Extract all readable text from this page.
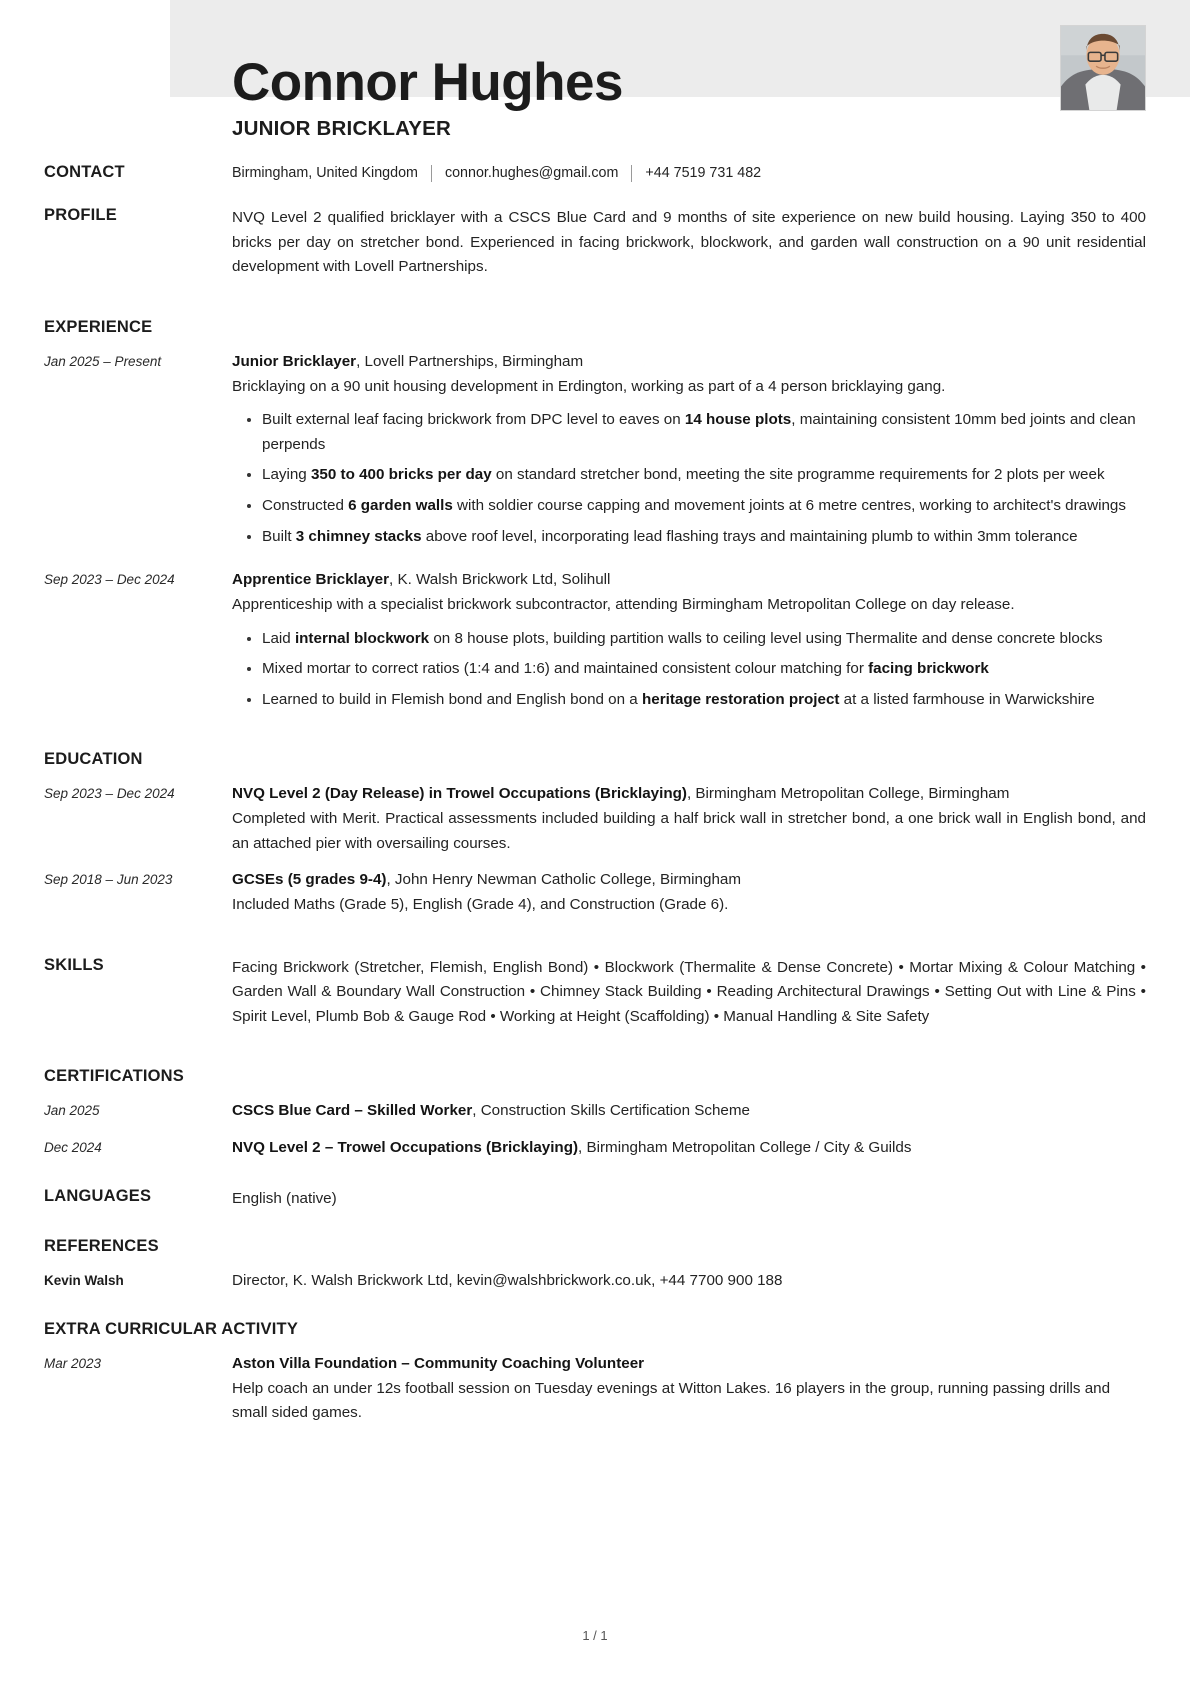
Connor Hughes
JUNIOR BRICKLAYER
CONTACT	Birmingham, United Kingdom connor.hughes@gmail.com +44 7519 731 482
PROFILE	NVQ Level 2 qualified bricklayer with a CSCS Blue Card and 9 months of site experience on new build housing. Laying 350 to 400 bricks per day on stretcher bond. Experienced in facing brickwork, blockwork, and garden wall construction on a 90 unit residential development with Lovell Partnerships.
EXPERIENCE
Jan 2025 – Present	Junior Bricklayer, Lovell Partnerships, Birmingham
Bricklaying on a 90 unit housing development in Erdington, working as part of a 4 person bricklaying gang.
Built external leaf facing brickwork from DPC level to eaves on 14 house plots, maintaining consistent 10mm bed joints and clean perpends
Laying 350 to 400 bricks per day on standard stretcher bond, meeting the site programme requirements for 2 plots per week
Constructed 6 garden walls with soldier course capping and movement joints at 6 metre centres, working to architect's drawings
Built 3 chimney stacks above roof level, incorporating lead flashing trays and maintaining plumb to within 3mm tolerance
Sep 2023 – Dec 2024	Apprentice Bricklayer, K. Walsh Brickwork Ltd, Solihull
Apprenticeship with a specialist brickwork subcontractor, attending Birmingham Metropolitan College on day release.
Laid internal blockwork on 8 house plots, building partition walls to ceiling level using Thermalite and dense concrete blocks
Mixed mortar to correct ratios (1:4 and 1:6) and maintained consistent colour matching for facing brickwork
Learned to build in Flemish bond and English bond on a heritage restoration project at a listed farmhouse in Warwickshire
EDUCATION
Sep 2023 – Dec 2024	NVQ Level 2 (Day Release) in Trowel Occupations (Bricklaying), Birmingham Metropolitan College, Birmingham
Completed with Merit. Practical assessments included building a half brick wall in stretcher bond, a one brick wall in English bond, and an attached pier with oversailing courses.
Sep 2018 – Jun 2023	GCSEs (5 grades 9-4), John Henry Newman Catholic College, Birmingham
Included Maths (Grade 5), English (Grade 4), and Construction (Grade 6).
SKILLS	Facing Brickwork (Stretcher, Flemish, English Bond) • Blockwork (Thermalite & Dense Concrete) • Mortar Mixing & Colour Matching • Garden Wall & Boundary Wall Construction • Chimney Stack Building • Reading Architectural Drawings • Setting Out with Line & Pins • Spirit Level, Plumb Bob & Gauge Rod • Working at Height (Scaffolding) • Manual Handling & Site Safety
CERTIFICATIONS
Jan 2025	CSCS Blue Card – Skilled Worker, Construction Skills Certification Scheme
Dec 2024	NVQ Level 2 – Trowel Occupations (Bricklaying), Birmingham Metropolitan College / City & Guilds
LANGUAGES	English (native)
REFERENCES
Kevin Walsh	Director, K. Walsh Brickwork Ltd, kevin@walshbrickwork.co.uk, +44 7700 900 188
EXTRA CURRICULAR ACTIVITY
Mar 2023	Aston Villa Foundation – Community Coaching Volunteer
Help coach an under 12s football session on Tuesday evenings at Witton Lakes. 16 players in the group, running passing drills and small sided games.
1 / 1
